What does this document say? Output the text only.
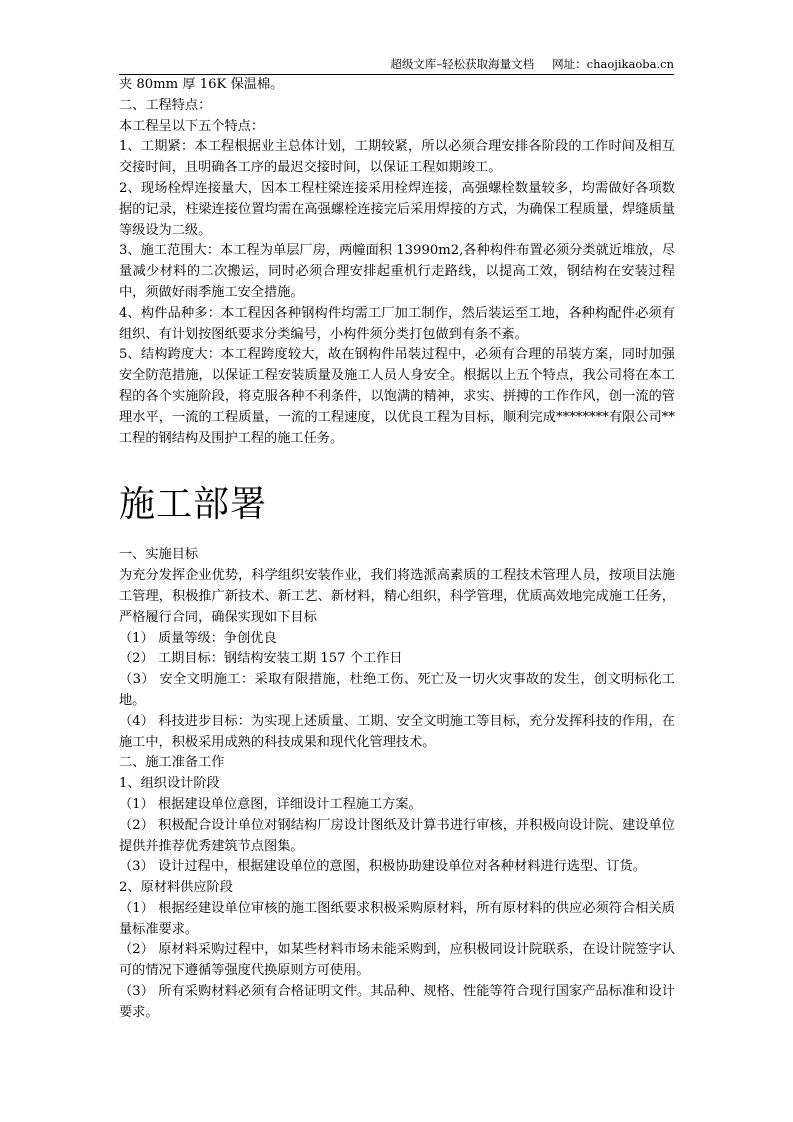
超级文库–轻松获取海量文档 网址：chaojikaoba.cn

夹 80mm 厚 16K 保温棉。

二、工程特点：

本工程呈以下五个特点：

1、工期紧：本工程根据业主总体计划，工期较紧，所以必须合理安排各阶段的工作时间及相互交接时间，且明确各工序的最迟交接时间，以保证工程如期竣工。

2、现场栓焊连接量大，因本工程柱梁连接采用栓焊连接，高强螺栓数量较多，均需做好各项数据的记录，柱梁连接位置均需在高强螺栓连接完后采用焊接的方式，为确保工程质量，焊缝质量等级设为二级。

3、施工范围大：本工程为单层厂房，两幢面积 13990m2,各种构件布置必须分类就近堆放，尽量减少材料的二次搬运，同时必须合理安排起重机行走路线，以提高工效，钢结构在安装过程中，须做好雨季施工安全措施。

4、构件品种多：本工程因各种钢构件均需工厂加工制作，然后装运至工地，各种构配件必须有组织、有计划按图纸要求分类编号，小构件须分类打包做到有条不紊。

5、结构跨度大：本工程跨度较大，故在钢构件吊装过程中，必须有合理的吊装方案，同时加强安全防范措施，以保证工程安装质量及施工人员人身安全。根据以上五个特点，我公司将在本工程的各个实施阶段，将克服各种不利条件，以饱满的精神，求实、拼搏的工作作风，创一流的管理水平，一流的工程质量，一流的工程速度，以优良工程为目标，顺利完成********有限公司**工程的钢结构及围护工程的施工任务。

施工部署

一、实施目标

为充分发挥企业优势，科学组织安装作业，我们将选派高素质的工程技术管理人员，按项目法施工管理，积极推广新技术、新工艺、新材料，精心组织，科学管理，优质高效地完成施工任务，严格履行合同，确保实现如下目标

（1） 质量等级：争创优良

（2） 工期目标：钢结构安装工期 157 个工作日

（3） 安全文明施工：采取有限措施，杜绝工伤、死亡及一切火灾事故的发生，创文明标化工地。

（4） 科技进步目标：为实现上述质量、工期、安全文明施工等目标，充分发挥科技的作用，在施工中，积极采用成熟的科技成果和现代化管理技术。

二、施工准备工作

1、组织设计阶段

（1） 根据建设单位意图，详细设计工程施工方案。

（2） 积极配合设计单位对钢结构厂房设计图纸及计算书进行审核，并积极向设计院、建设单位提供并推荐优秀建筑节点图集。

（3） 设计过程中，根据建设单位的意图，积极协助建设单位对各种材料进行选型、订货。

2、原材料供应阶段

（1） 根据经建设单位审核的施工图纸要求积极采购原材料，所有原材料的供应必须符合相关质量标准要求。

（2） 原材料采购过程中，如某些材料市场未能采购到，应积极同设计院联系，在设计院签字认可的情况下遵循等强度代换原则方可使用。

（3） 所有采购材料必须有合格证明文件。其品种、规格、性能等符合现行国家产品标准和设计要求。
